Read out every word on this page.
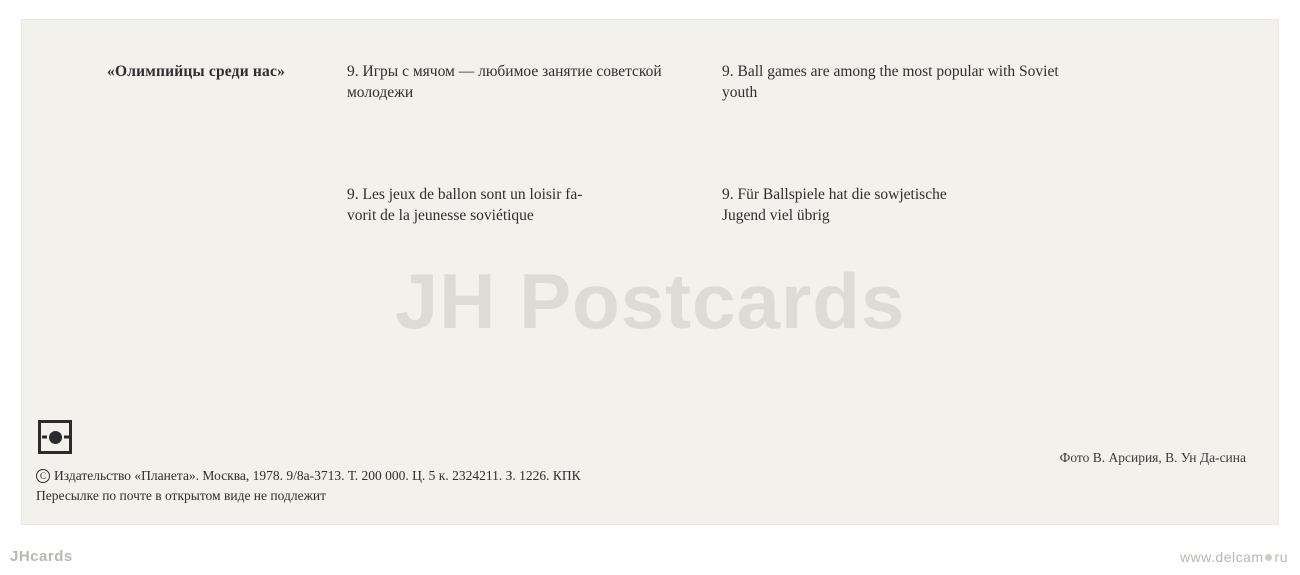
JH Postcards
«Олимпийцы среди нас»	9. Игры с мячом — любимое занятие советской молодежи
9. Ball games are among the most popular with Soviet youth
9. Les jeux de ballon sont un loisir fa-
vorit de la jeunesse soviétique
9. Für Ballspiele hat die sowjetische
Jugend viel übrig
Фото В. Арсирия, В. Ун Да-сина
C Издательство «Планета». Москва, 1978. 9/8а-3713. Т. 200 000. Ц. 5 к. 2324211. З. 1226. КПК
Пересылке по почте в открытом виде не подлежит
JHcards	www.delcam ru
